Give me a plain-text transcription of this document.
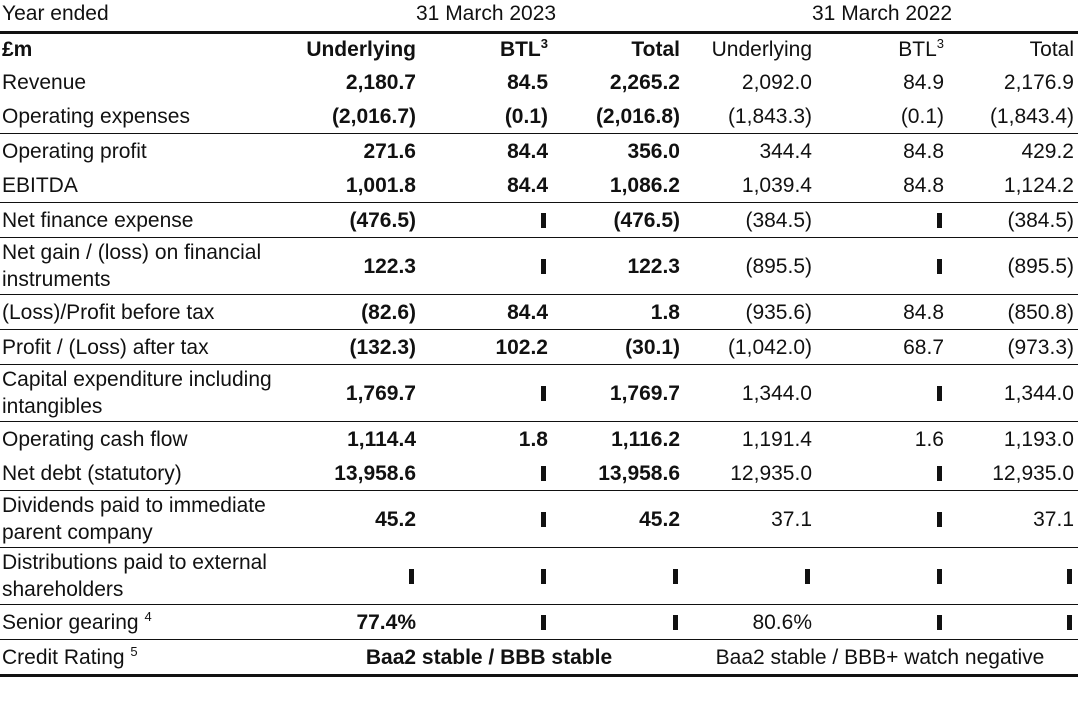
Year ended	31 March 2023	31 March 2022
£m	Underlying	BTL$^3$	Total	Underlying	BTL$^3$	Total
Revenue	2,180.7	84.5	2,265.2	2,092.0	84.9	2,176.9
Operating expenses	(2,016.7)	(0.1)	(2,016.8)	(1,843.3)	(0.1)	(1,843.4)
Operating profit	271.6	84.4	356.0	344.4	84.8	429.2
EBITDA	1,001.8	84.4	1,086.2	1,039.4	84.8	1,124.2
Net finance expense	(476.5)		(476.5)	(384.5)		(384.5)
Net gain / (loss) on financial instruments	122.3		122.3	(895.5)		(895.5)
(Loss)/Profit before tax	(82.6)	84.4	1.8	(935.6)	84.8	(850.8)
Profit / (Loss) after tax	(132.3)	102.2	(30.1)	(1,042.0)	68.7	(973.3)
Capital expenditure including intangibles	1,769.7		1,769.7	1,344.0		1,344.0
Operating cash flow	1,114.4	1.8	1,116.2	1,191.4	1.6	1,193.0
Net debt (statutory)	13,958.6		13,958.6	12,935.0		12,935.0
Dividends paid to immediate parent company	45.2		45.2	37.1		37.1
Distributions paid to external shareholders						
Senior gearing $^4$	77.4%			80.6%		
Credit Rating $^5$	Baa2 stable / BBB stable			Baa2 stable / BBB+ watch negative		
